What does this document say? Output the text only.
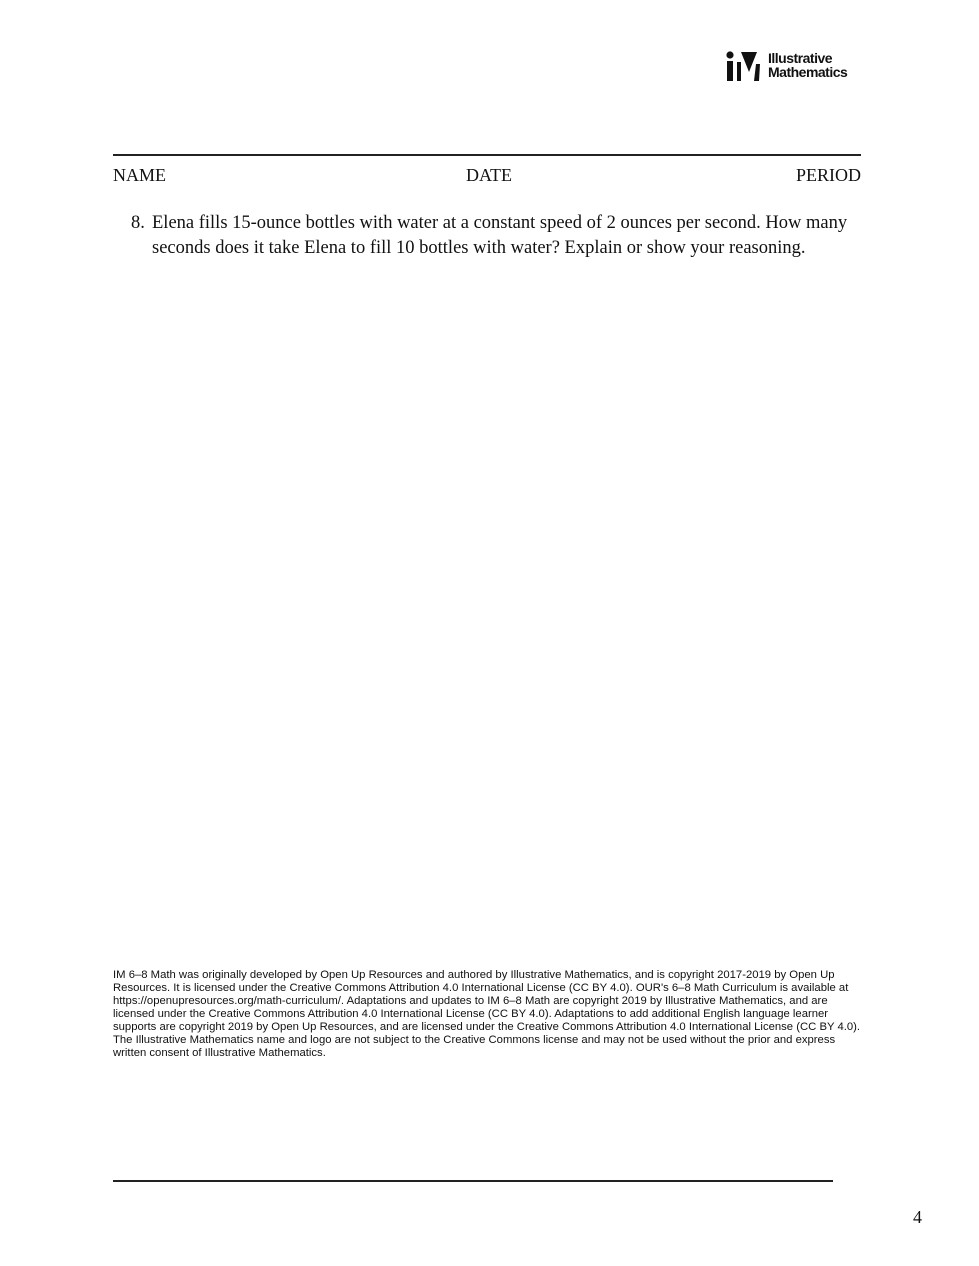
Illustrative
Mathematics
NAME	DATE	PERIOD
8. Elena fills 15-ounce bottles with water at a constant speed of 2 ounces per second. How many seconds does it take Elena to fill 10 bottles with water? Explain or show your reasoning.
IM 6–8 Math was originally developed by Open Up Resources and authored by Illustrative Mathematics, and is copyright 2017-2019 by Open Up Resources. It is licensed under the Creative Commons Attribution 4.0 International License (CC BY 4.0). OUR's 6–8 Math Curriculum is available at https://openupresources.org/math-curriculum/. Adaptations and updates to IM 6–8 Math are copyright 2019 by Illustrative Mathematics, and are licensed under the Creative Commons Attribution 4.0 International License (CC BY 4.0). Adaptations to add additional English language learner supports are copyright 2019 by Open Up Resources, and are licensed under the Creative Commons Attribution 4.0 International License (CC BY 4.0). The Illustrative Mathematics name and logo are not subject to the Creative Commons license and may not be used without the prior and express written consent of Illustrative Mathematics.
4
